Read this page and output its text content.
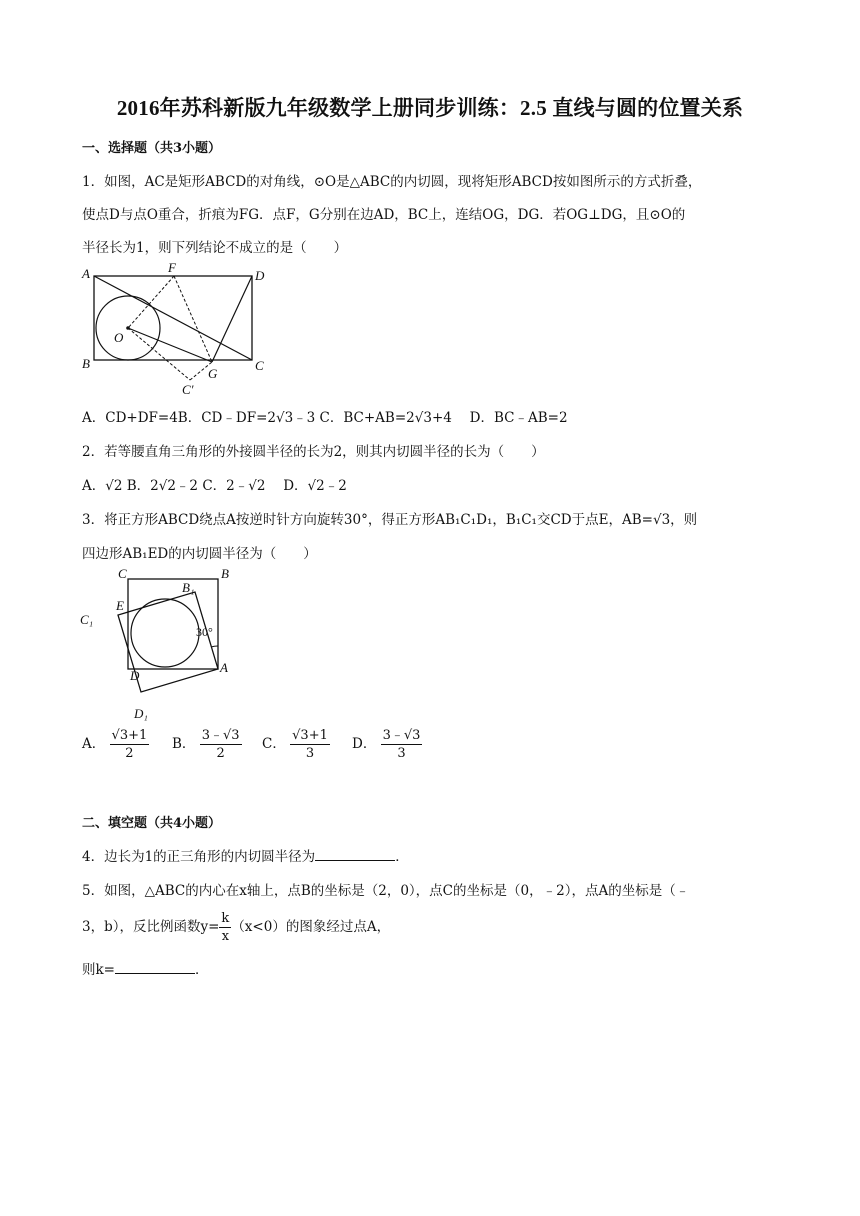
2016年苏科新版九年级数学上册同步训练：2.5 直线与圆的位置关系
一、选择题（共3小题）
1．如图，AC是矩形ABCD的对角线，⊙O是△ABC的内切圆，现将矩形ABCD按如图所示的方式折叠，
使点D与点O重合，折痕为FG．点F，G分别在边AD，BC上，连结OG，DG．若OG⊥DG，且⊙O的
半径长为1，则下列结论不成立的是（　　）
A	D
F
O
B	C
G
C′
A．CD+DF=4B．CD﹣DF=2√3﹣3 C．BC+AB=2√3+4　 D．BC﹣AB=2
2．若等腰直角三角形的外接圆半径的长为2，则其内切圆半径的长为（　　）
A．√2 B．2√2﹣2 C．2﹣√2 　D．√2﹣2
3．将正方形ABCD绕点A按逆时针方向旋转30°，得正方形AB₁C₁D₁，B₁C₁交CD于点E，AB=√3，则
四边形AB₁ED的内切圆半径为（　　）
C	B
B₁
E
C₁
30°
A
D
D₁
A． $\frac{√3+1}{2}$ B． $\frac{3﹣√3}{2}$ C． $\frac{√3+1}{3}$ D． $\frac{3﹣√3}{3}$
二、填空题（共4小题）
4．边长为1的正三角形的内切圆半径为	．
5．如图，△ABC的内心在x轴上，点B的坐标是（2，0），点C的坐标是（0，﹣2），点A的坐标是（﹣
3，b），反比例函数$y= \frac{k}{x} (x<0)$的图象经过点A，
则k=	．
